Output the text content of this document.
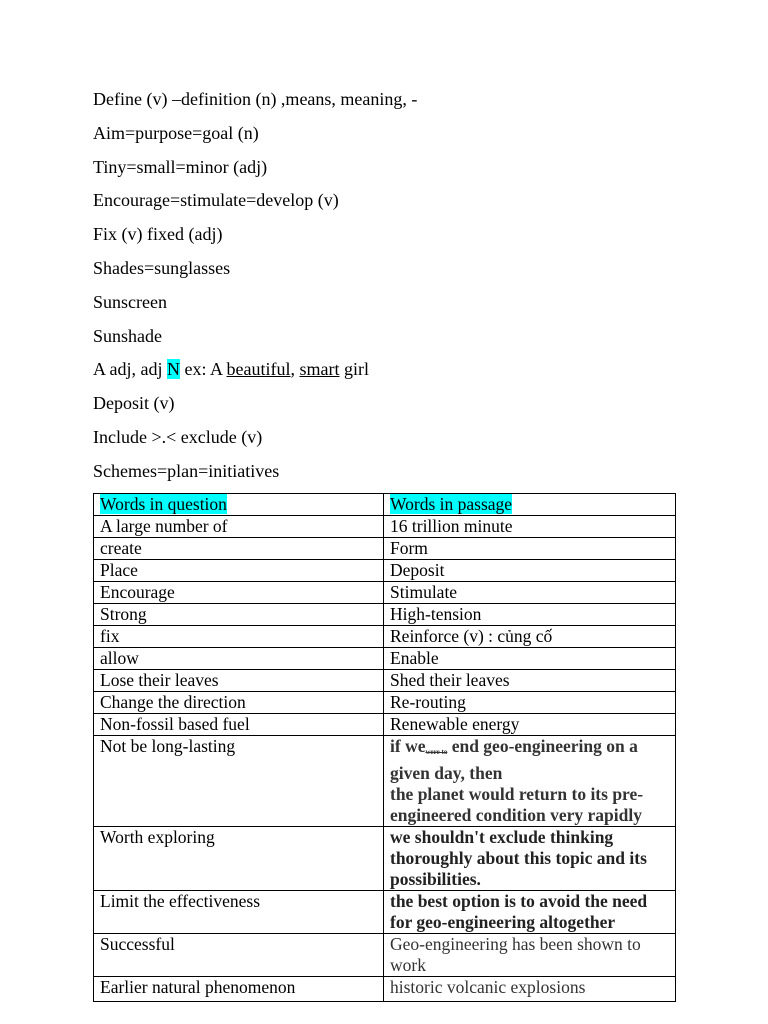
Define (v) –definition (n) ,means, meaning, -
Aim=purpose=goal (n)
Tiny=small=minor (adj)
Encourage=stimulate=develop (v)
Fix (v) fixed (adj)
Shades=sunglasses
Sunscreen
Sunshade
A adj, adj N ex: A beautiful, smart girl
Deposit (v)
Include >.< exclude (v)
Schemes=plan=initiatives
Words in question	Words in passage
A large number of	16 trillion minute
create	Form
Place	Deposit
Encourage	Stimulate
Strong	High-tension
fix	Reinforce (v) : củng cố
allow	Enable
Lose their leaves	Shed their leaves
Change the direction	Re-routing
Non-fossil based fuel	Renewable energy
Not be long-lasting	if wewere to end geo-engineering on a given day, then
the planet would return to its pre-engineered condition very rapidly
Worth exploring	we shouldn't exclude thinking thoroughly about this topic and its possibilities.
Limit the effectiveness	the best option is to avoid the need for geo-engineering altogether
Successful	Geo-engineering has been shown to work
Earlier natural phenomenon	historic volcanic explosions
